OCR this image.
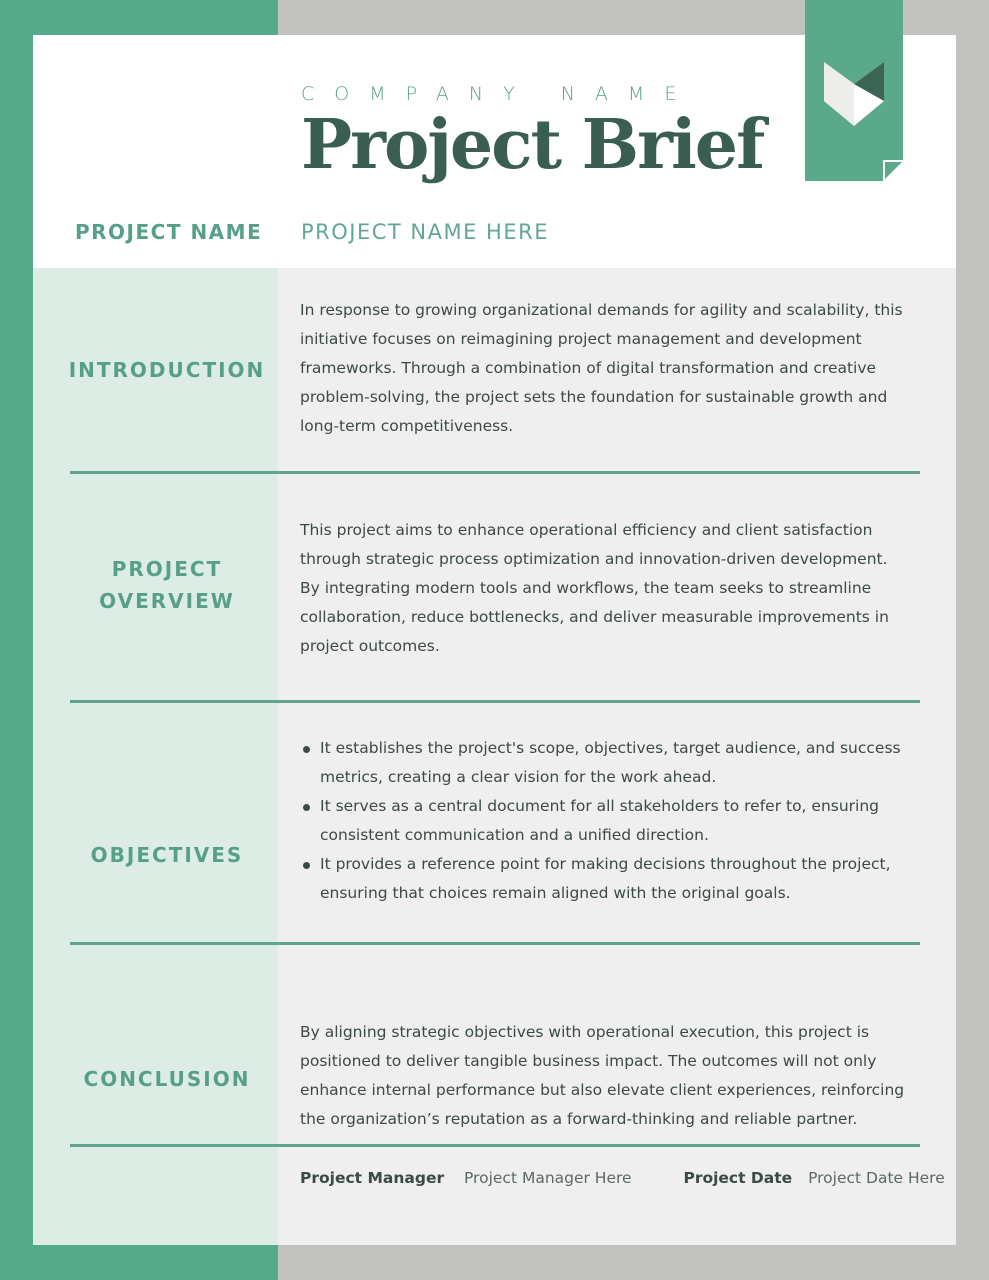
COMPANY NAME
Project Brief
PROJECT NAME PROJECT NAME HERE
INTRODUCTION
In response to growing organizational demands for agility and scalability, this initiative focuses on reimagining project management and development frameworks. Through a combination of digital transformation and creative problem-solving, the project sets the foundation for sustainable growth and long-term competitiveness.
PROJECT
OVERVIEW
This project aims to enhance operational efficiency and client satisfaction through strategic process optimization and innovation-driven development. By integrating modern tools and workflows, the team seeks to streamline collaboration, reduce bottlenecks, and deliver measurable improvements in project outcomes.
OBJECTIVES
It establishes the project's scope, objectives, target audience, and success metrics, creating a clear vision for the work ahead.
It serves as a central document for all stakeholders to refer to, ensuring consistent communication and a unified direction.
It provides a reference point for making decisions throughout the project, ensuring that choices remain aligned with the original goals.
CONCLUSION
By aligning strategic objectives with operational execution, this project is positioned to deliver tangible business impact. The outcomes will not only enhance internal performance but also elevate client experiences, reinforcing the organization’s reputation as a forward-thinking and reliable partner.
Project Manager Project Manager Here	Project Date Project Date Here
